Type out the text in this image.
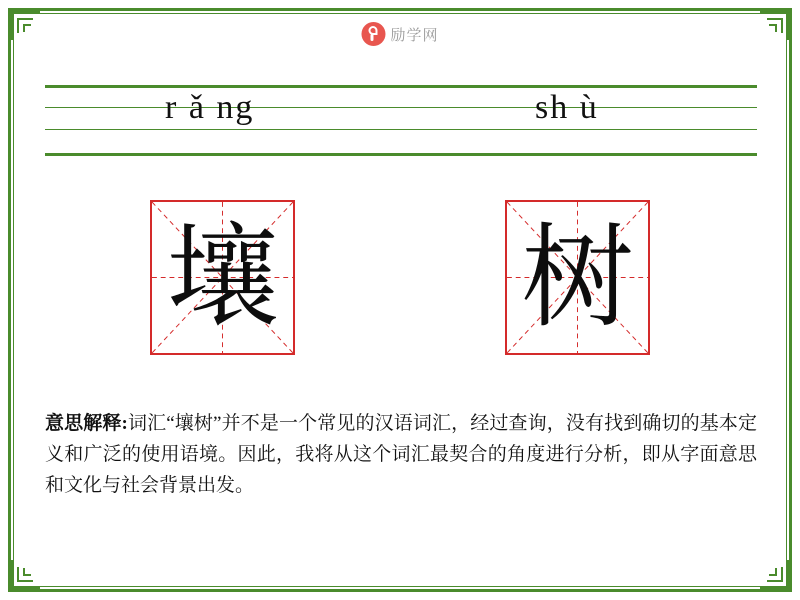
励学网
r ǎ ng	sh ù
壤 树
意思解释:词汇“壤树”并不是一个常见的汉语词汇，经过查询，没有找到确切的基本定义和广泛的使用语境。因此，我将从这个词汇最契合的角度进行分析，即从字面意思和文化与社会背景出发。
